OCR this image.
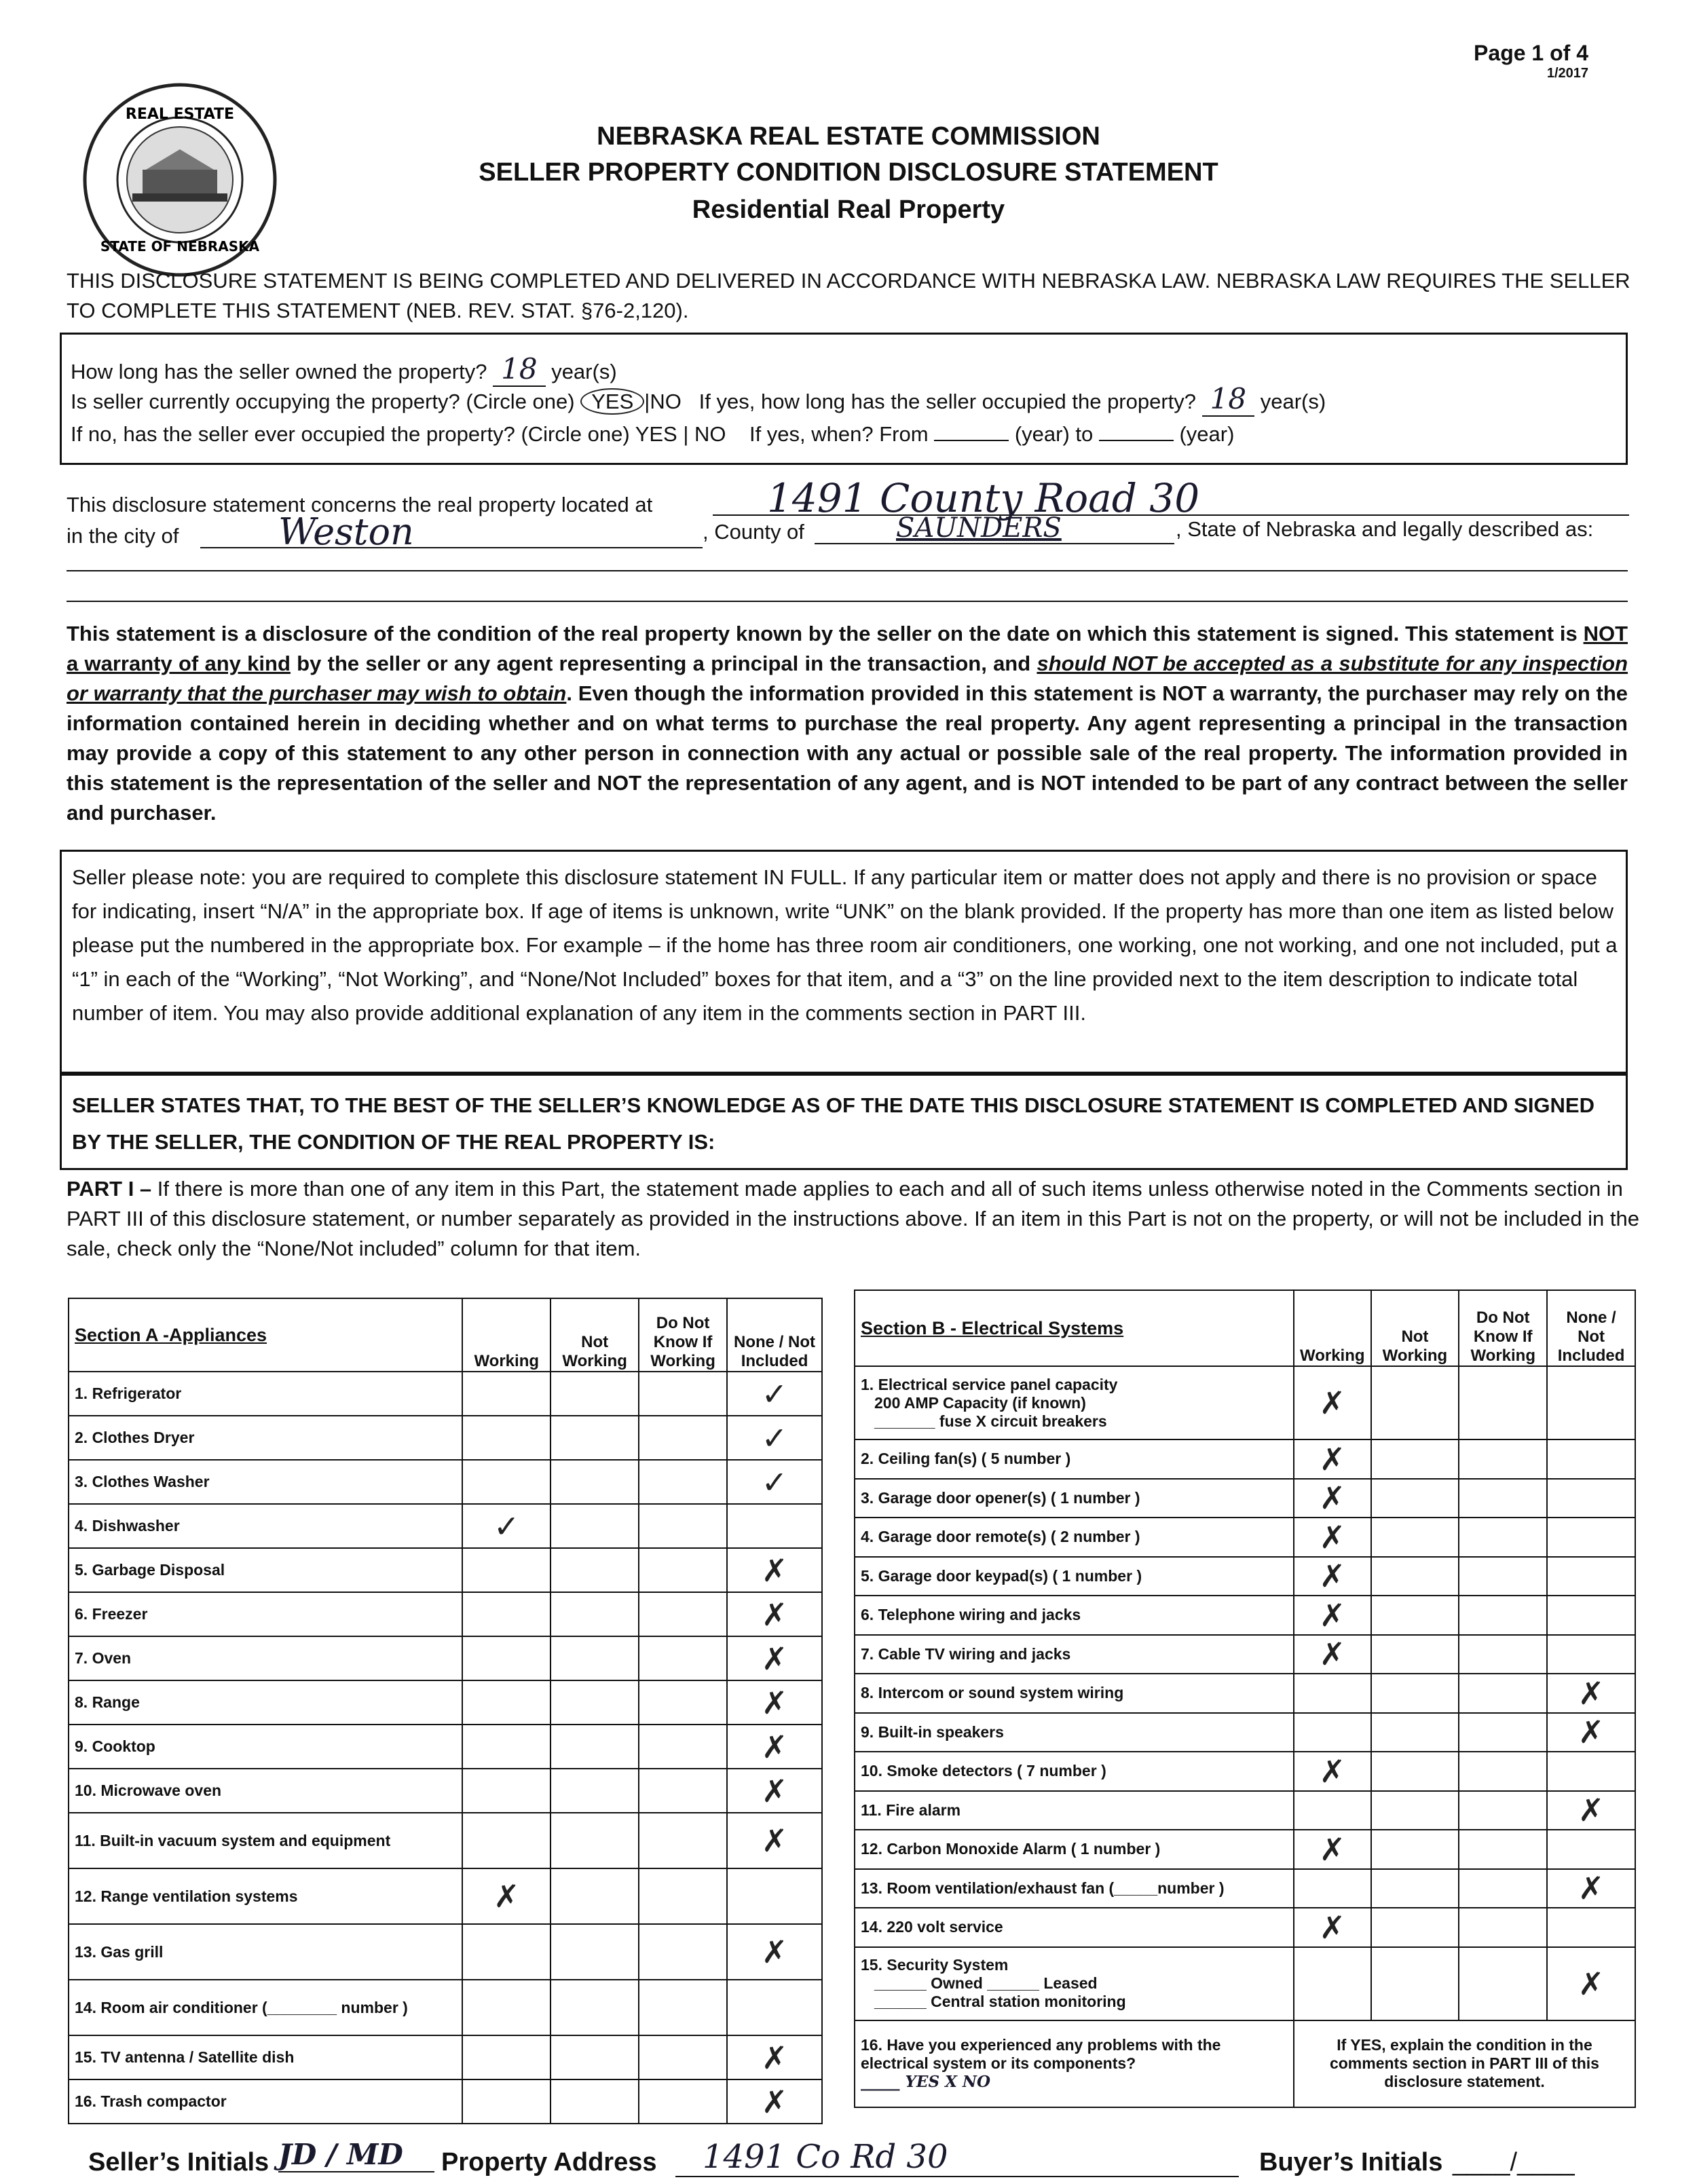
Page 1 of 4
1/2017
REAL ESTATE
STATE OF NEBRASKA
NEBRASKA REAL ESTATE COMMISSION
SELLER PROPERTY CONDITION DISCLOSURE STATEMENT
Residential Real Property
THIS DISCLOSURE STATEMENT IS BEING COMPLETED AND DELIVERED IN ACCORDANCE WITH NEBRASKA LAW. NEBRASKA LAW REQUIRES THE SELLER TO COMPLETE THIS STATEMENT (NEB. REV. STAT. §76-2,120).
How long has the seller owned the property? 18 year(s)
Is seller currently occupying the property? (Circle one) YES |NO If yes, how long has the seller occupied the property? 18 year(s)
If no, has the seller ever occupied the property? (Circle one) YES | NO If yes, when? From	(year) to	(year)
This disclosure statement concerns the real property located at	1491 County Road 30
in the city of	Weston	, County of	SAUNDERS	, State of Nebraska and legally described as:
This statement is a disclosure of the condition of the real property known by the seller on the date on which this statement is signed. This statement is NOT a warranty of any kind by the seller or any agent representing a principal in the transaction, and should NOT be accepted as a substitute for any inspection or warranty that the purchaser may wish to obtain. Even though the information provided in this statement is NOT a warranty, the purchaser may rely on the information contained herein in deciding whether and on what terms to purchase the real property. Any agent representing a principal in the transaction may provide a copy of this statement to any other person in connection with any actual or possible sale of the real property. The information provided in this statement is the representation of the seller and NOT the representation of any agent, and is NOT intended to be part of any contract between the seller and purchaser.
Seller please note: you are required to complete this disclosure statement IN FULL. If any particular item or matter does not apply and there is no provision or space for indicating, insert “N/A” in the appropriate box. If age of items is unknown, write “UNK” on the blank provided. If the property has more than one item as listed below please put the numbered in the appropriate box. For example – if the home has three room air conditioners, one working, one not working, and one not included, put a “1” in each of the “Working”, “Not Working”, and “None/Not Included” boxes for that item, and a “3” on the line provided next to the item description to indicate total number of item. You may also provide additional explanation of any item in the comments section in PART III.
SELLER STATES THAT, TO THE BEST OF THE SELLER’S KNOWLEDGE AS OF THE DATE THIS DISCLOSURE STATEMENT IS COMPLETED AND SIGNED BY THE SELLER, THE CONDITION OF THE REAL PROPERTY IS:
PART I – If there is more than one of any item in this Part, the statement made applies to each and all of such items unless otherwise noted in the Comments section in PART III of this disclosure statement, or number separately as provided in the instructions above. If an item in this Part is not on the property, or will not be included in the sale, check only the “None/Not included” column for that item.
Section A -Appliances	Working	Not Working	Do Not Know If Working	None / Not Included
1. Refrigerator				✓
2. Clothes Dryer				✓
3. Clothes Washer				✓
4. Dishwasher	✓			
5. Garbage Disposal				✗
6. Freezer				✗
7. Oven				✗
8. Range				✗
9. Cooktop				✗
10. Microwave oven				✗
11. Built-in vacuum system and equipment				✗
12. Range ventilation systems	✗			
13. Gas grill				✗
14. Room air conditioner (________ number )				
15. TV antenna / Satellite dish				✗
16. Trash compactor				✗
Section B - Electrical Systems	Working	Not Working	Do Not Know If Working	None / Not Included
1. Electrical service panel capacity
200 AMP Capacity (if known)
_______ fuse X circuit breakers	✗			
2. Ceiling fan(s) ( 5 number )	✗			
3. Garage door opener(s) ( 1 number )	✗			
4. Garage door remote(s) ( 2 number )	✗			
5. Garage door keypad(s) ( 1 number )	✗			
6. Telephone wiring and jacks	✗			
7. Cable TV wiring and jacks	✗			
8. Intercom or sound system wiring				✗
9. Built-in speakers				✗
10. Smoke detectors ( 7 number )	✗			
11. Fire alarm				✗
12. Carbon Monoxide Alarm ( 1 number )	✗			
13. Room ventilation/exhaust fan (_____number )				✗
14. 220 volt service	✗			
15. Security System
______ Owned ______ Leased
______ Central station monitoring				✗
16. Have you experienced any problems with the electrical system or its components?
_____ YES X NO	If YES, explain the condition in the comments section in PART III of this disclosure statement.			
Seller’s Initials JD / MD	Property Address	1491 Co Rd 30	Buyer’s Initials ____/____
